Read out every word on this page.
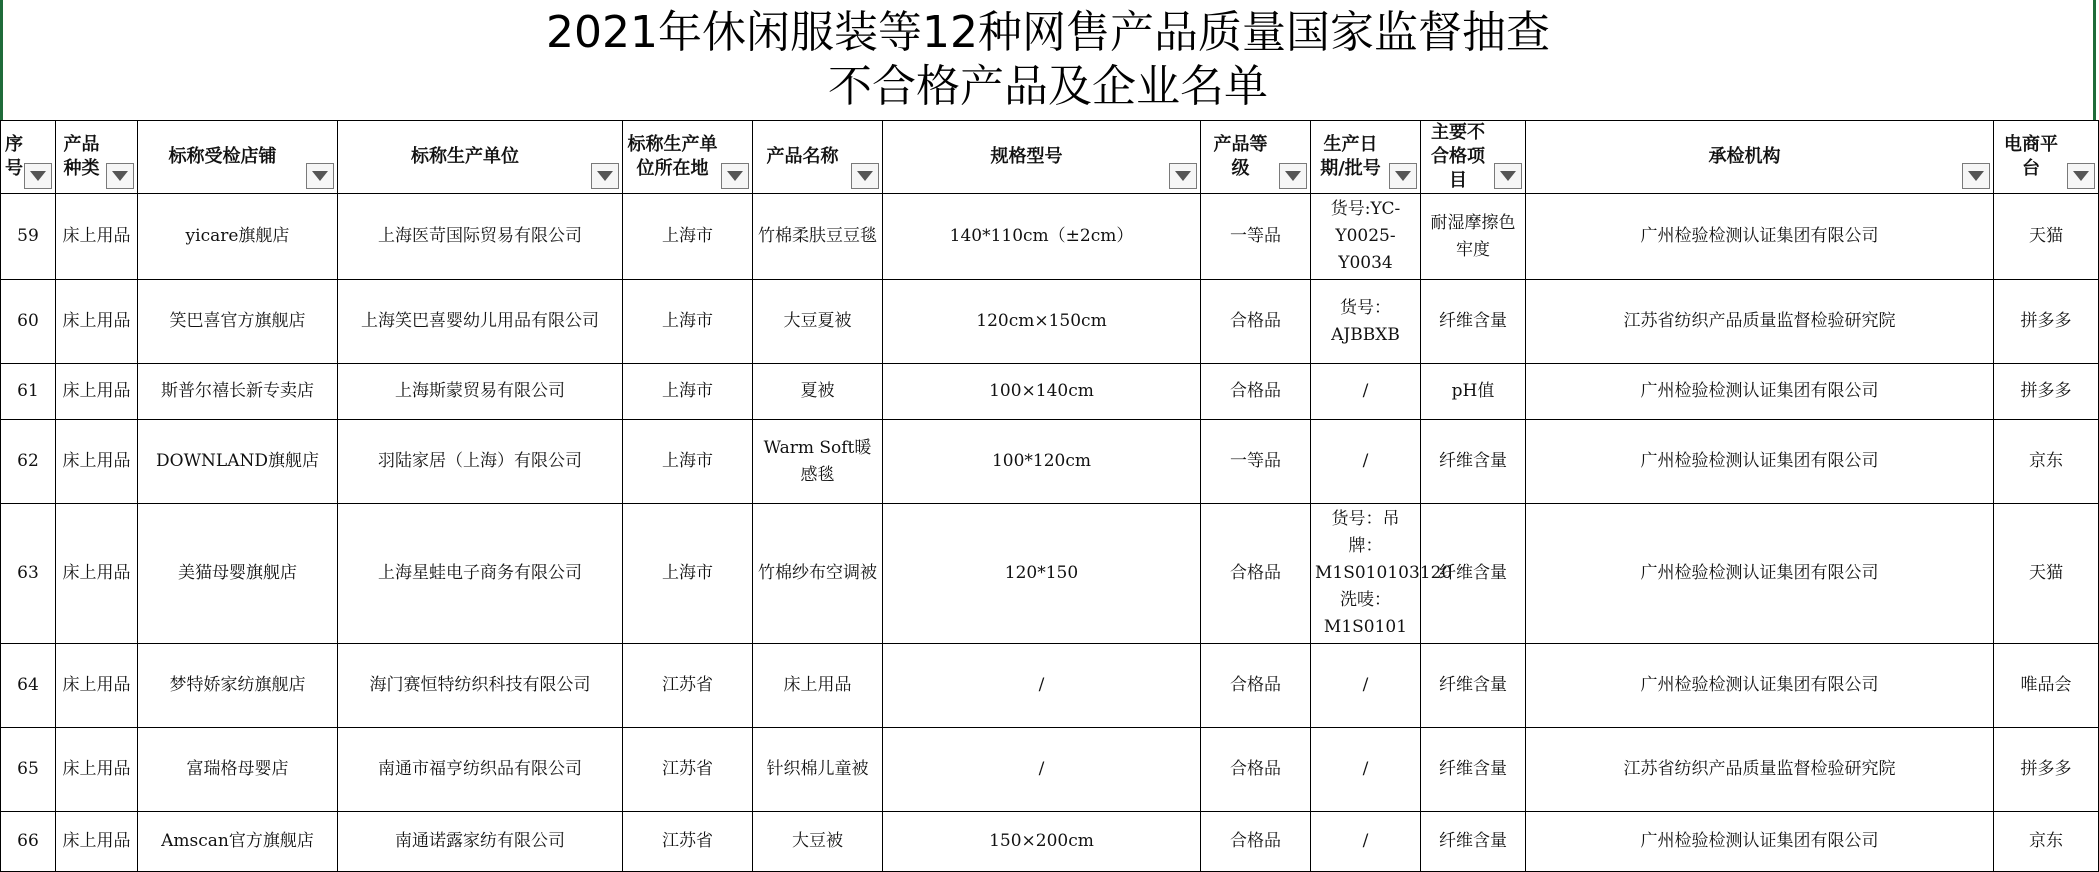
2021年休闲服装等12种网售产品质量国家监督抽查
不合格产品及企业名单
序号	产品种类	标称受检店铺	标称生产单位	标称生产单位所在地	产品名称	规格型号	产品等级	生产日期/批号	主要不合格项目	承检机构	电商平台

59	床上用品	yicare旗舰店	上海医苛国际贸易有限公司	上海市	竹棉柔肤豆豆毯	140*110cm（±2cm）	一等品	货号:YC-Y0025-Y0034	耐湿摩擦色牢度	广州检验检测认证集团有限公司	天猫
60	床上用品	笑巴喜官方旗舰店	上海笑巴喜婴幼儿用品有限公司	上海市	大豆夏被	120cm×150cm	合格品	货号：AJBBXB	纤维含量	江苏省纺织产品质量监督检验研究院	拼多多
61	床上用品	斯普尔禧长新专卖店	上海斯蒙贸易有限公司	上海市	夏被	100×140cm	合格品	/	pH值	广州检验检测认证集团有限公司	拼多多
62	床上用品	DOWNLAND旗舰店	羽陆家居（上海）有限公司	上海市	Warm Soft暖感毯	100*120cm	一等品	/	纤维含量	广州检验检测认证集团有限公司	京东
63	床上用品	美猫母婴旗舰店	上海星蛙电子商务有限公司	上海市	竹棉纱布空调被	120*150	合格品	货号：吊牌：M1S010103120 洗唛：M1S0101	纤维含量	广州检验检测认证集团有限公司	天猫
64	床上用品	梦特娇家纺旗舰店	海门赛恒特纺织科技有限公司	江苏省	床上用品	/	合格品	/	纤维含量	广州检验检测认证集团有限公司	唯品会
65	床上用品	富瑞格母婴店	南通市福亨纺织品有限公司	江苏省	针织棉儿童被	/	合格品	/	纤维含量	江苏省纺织产品质量监督检验研究院	拼多多
66	床上用品	Amscan官方旗舰店	南通诺露家纺有限公司	江苏省	大豆被	150×200cm	合格品	/	纤维含量	广州检验检测认证集团有限公司	京东
